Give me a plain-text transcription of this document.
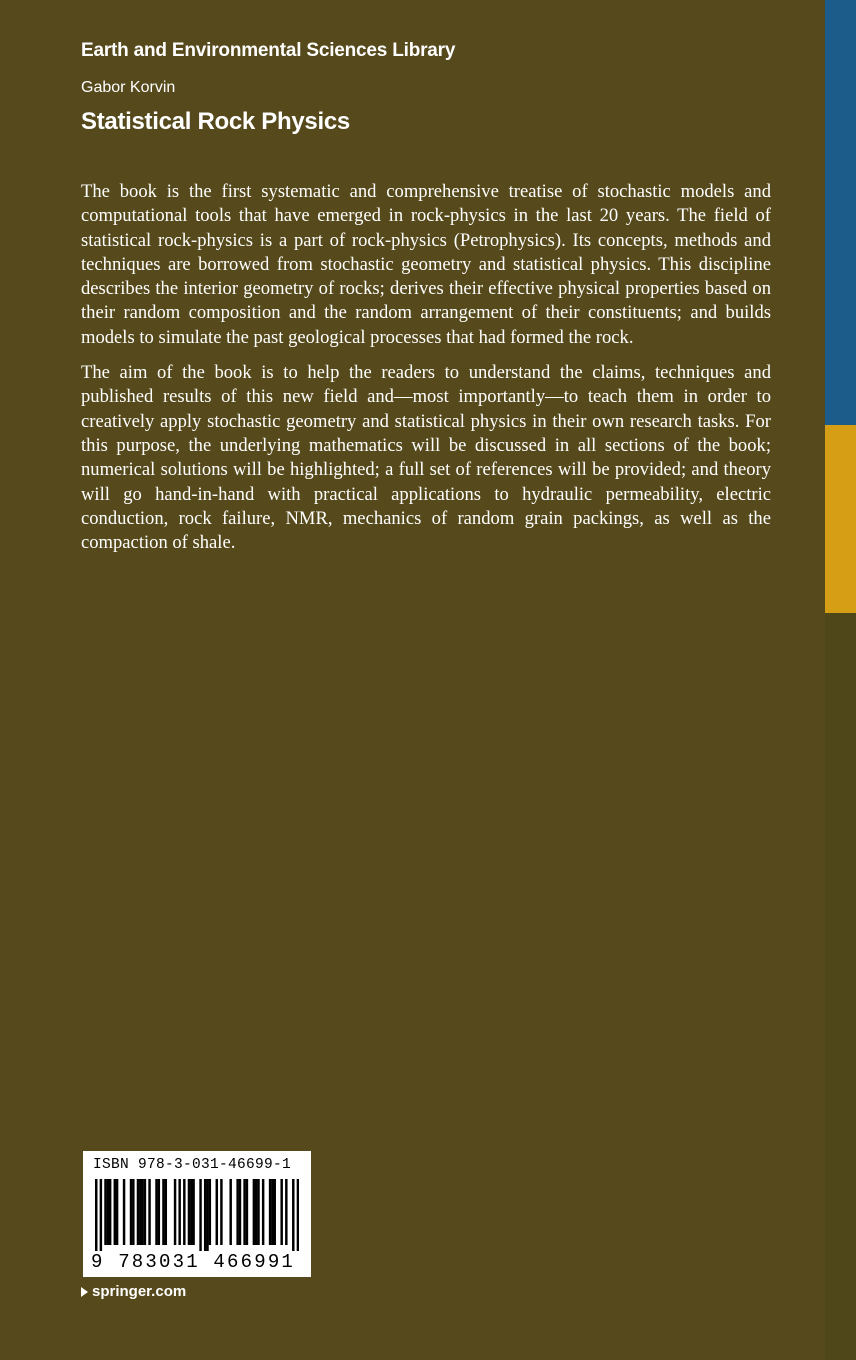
Earth and Environmental Sciences Library
Gabor Korvin
Statistical Rock Physics

The book is the first systematic and comprehensive treatise of stochastic models and computational tools that have emerged in rock-physics in the last 20 years. The field of statistical rock-physics is a part of rock-physics (Petrophysics). Its concepts, methods and techniques are borrowed from stochastic geometry and statistical physics. This discipline describes the interior geometry of rocks; derives their effective physical properties based on their random composition and the random arrangement of their constituents; and builds models to simulate the past geological processes that had formed the rock.

The aim of the book is to help the readers to understand the claims, techniques and published results of this new field and—most importantly—to teach them in order to creatively apply stochastic geometry and statistical physics in their own research tasks. For this purpose, the underlying mathematics will be discussed in all sections of the book; numerical solutions will be highlighted; a full set of references will be provided; and theory will go hand-in-hand with practical applications to hydraulic permeability, electric conduction, rock failure, NMR, mechanics of random grain packings, as well as the compaction of shale.

ISBN 978-3-031-46699-1
9 783031 466991
springer.com
